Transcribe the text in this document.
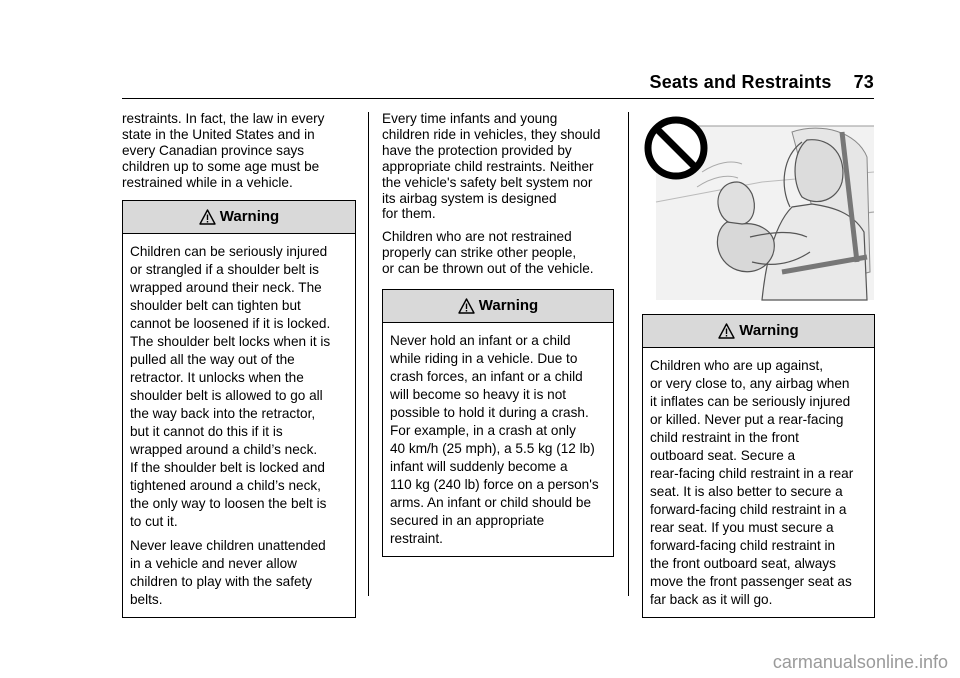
Seats and Restraints 73

restraints. In fact, the law in every
state in the United States and in
every Canadian province says
children up to some age must be
restrained while in a vehicle.

Warning

Children can be seriously injured
or strangled if a shoulder belt is
wrapped around their neck. The
shoulder belt can tighten but
cannot be loosened if it is locked.
The shoulder belt locks when it is
pulled all the way out of the
retractor. It unlocks when the
shoulder belt is allowed to go all
the way back into the retractor,
but it cannot do this if it is
wrapped around a child’s neck.
If the shoulder belt is locked and
tightened around a child’s neck,
the only way to loosen the belt is
to cut it.

Never leave children unattended
in a vehicle and never allow
children to play with the safety
belts.

Every time infants and young
children ride in vehicles, they should
have the protection provided by
appropriate child restraints. Neither
the vehicle's safety belt system nor
its airbag system is designed
for them.

Children who are not restrained
properly can strike other people,
or can be thrown out of the vehicle.

Warning

Never hold an infant or a child
while riding in a vehicle. Due to
crash forces, an infant or a child
will become so heavy it is not
possible to hold it during a crash.
For example, in a crash at only
40 km/h (25 mph), a 5.5 kg (12 lb)
infant will suddenly become a
110 kg (240 lb) force on a person's
arms. An infant or child should be
secured in an appropriate
restraint.

Warning

Children who are up against,
or very close to, any airbag when
it inflates can be seriously injured
or killed. Never put a rear-facing
child restraint in the front
outboard seat. Secure a
rear-facing child restraint in a rear
seat. It is also better to secure a
forward-facing child restraint in a
rear seat. If you must secure a
forward-facing child restraint in
the front outboard seat, always
move the front passenger seat as
far back as it will go.

carmanualsonline.info
